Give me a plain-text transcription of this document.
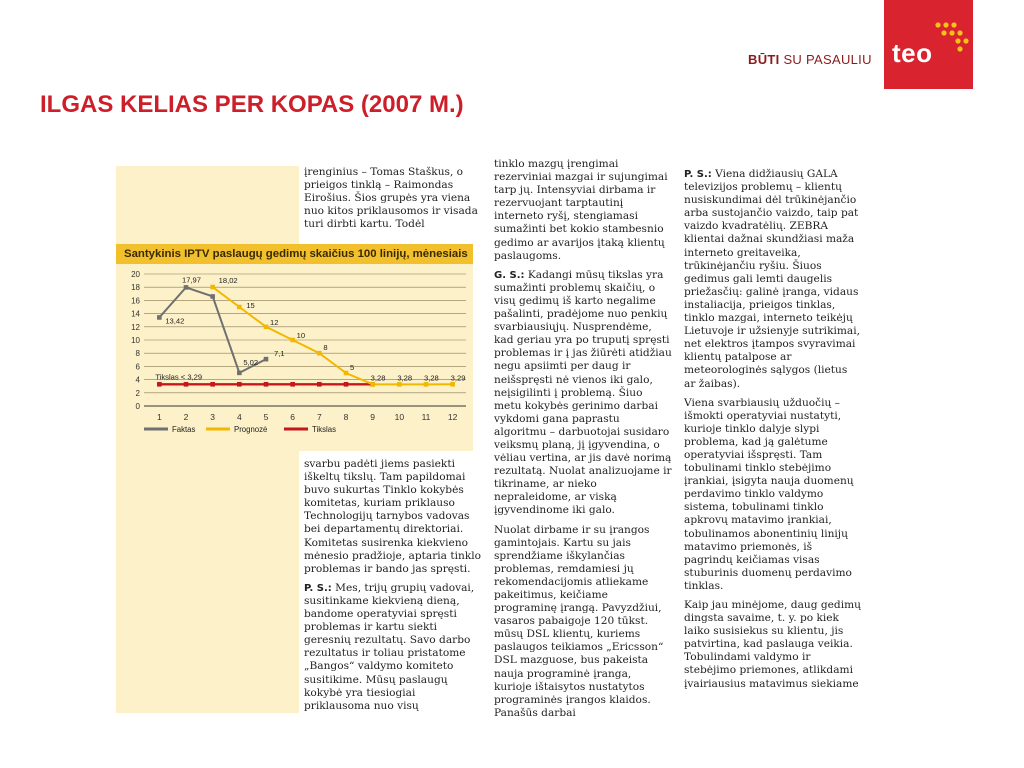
BŪTI SU PASAULIU teo
ILGAS KELIAS PER KOPAS (2007 M.)

įrenginius – Tomas Staškus, o prieigos tinklą – Raimondas Eirošius. Šios grupės yra viena nuo kitos priklausomos ir visada turi dirbti kartu. Todėl

Santykinis IPTV paslaugų gedimų skaičius 100 linijų, mėnesiais
0
2
4
6
8
10
12
14
16
18
20
1	2	3	4	5	6	7	8	9 10 11 12
13,42
17,97
5,02
7,1
18,02
15
12
10
8
5
3,28 3,28 3,28 3,29
Tikslas < 3,29
Faktas	Prognozė	Tikslas

svarbu padėti jiems pasiekti iškeltų tikslų. Tam papildomai buvo sukurtas Tinklo kokybės komitetas, kuriam priklauso Technologijų tarnybos vadovas bei departamentų direktoriai. Komitetas susirenka kiekvieno mėnesio pradžioje, aptaria tinklo problemas ir bando jas spręsti.

P. S.: Mes, trijų grupių vadovai, susitinkame kiekvieną dieną, bandome operatyviai spręsti problemas ir kartu siekti geresnių rezultatų. Savo darbo rezultatus ir toliau pristatome „Bangos“ valdymo komiteto susitikime. Mūsų paslaugų kokybė yra tiesiogiai priklausoma nuo visų

tinklo mazgų įrengimai rezerviniai mazgai ir sujungimai tarp jų. Intensyviai dirbama ir rezervuojant tarptautinį interneto ryšį, stengiamasi sumažinti bet kokio stambesnio gedimo ar avarijos įtaką klientų paslaugoms.

G. S.: Kadangi mūsų tikslas yra sumažinti problemų skaičių, o visų gedimų iš karto negalime pašalinti, pradėjome nuo penkių svarbiausiųjų. Nusprendėme, kad geriau yra po truputį spręsti problemas ir į jas žiūrėti atidžiau negu apsiimti per daug ir neišspręsti nė vienos iki galo, neįsigilinti į problemą. Šiuo metu kokybės gerinimo darbai vykdomi gana paprastu algoritmu – darbuotojai susidaro veiksmų planą, jį įgyvendina, o vėliau vertina, ar jis davė norimą rezultatą. Nuolat analizuojame ir tikriname, ar nieko nepraleidome, ar viską įgyvendinome iki galo.

Nuolat dirbame ir su įrangos gamintojais. Kartu su jais sprendžiame iškylančias problemas, remdamiesi jų rekomendacijomis atliekame pakeitimus, keičiame programinę įrangą. Pavyzdžiui, vasaros pabaigoje 120 tūkst. mūsų DSL klientų, kuriems paslaugos teikiamos „Ericsson“ DSL mazguose, bus pakeista nauja programinė įranga, kurioje ištaisytos nustatytos programinės įrangos klaidos. Panašūs darbai

P. S.: Viena didžiausių GALA televizijos problemų – klientų nusiskundimai dėl trūkinėjančio arba sustojančio vaizdo, taip pat vaizdo kvadratėlių. ZEBRA klientai dažnai skundžiasi maža interneto greitaveika, trūkinėjančiu ryšiu. Šiuos gedimus gali lemti daugelis priežasčių: galinė įranga, vidaus instaliacija, prieigos tinklas, tinklo mazgai, interneto teikėjų Lietuvoje ir užsienyje sutrikimai, net elektros įtampos svyravimai klientų patalpose ar meteorologinės sąlygos (lietus ar žaibas).

Viena svarbiausių užduočių – išmokti operatyviai nustatyti, kurioje tinklo dalyje slypi problema, kad ją galėtume operatyviai išspręsti. Tam tobulinami tinklo stebėjimo įrankiai, įsigyta nauja duomenų perdavimo tinklo valdymo sistema, tobulinami tinklo apkrovų matavimo įrankiai, tobulinamos abonentinių linijų matavimo priemonės, iš pagrindų keičiamas visas stuburinis duomenų perdavimo tinklas.

Kaip jau minėjome, daug gedimų dingsta savaime, t. y. po kiek laiko susisiekus su klientu, jis patvirtina, kad paslauga veikia. Tobulindami valdymo ir stebėjimo priemones, atlikdami įvairiausius matavimus siekiame
